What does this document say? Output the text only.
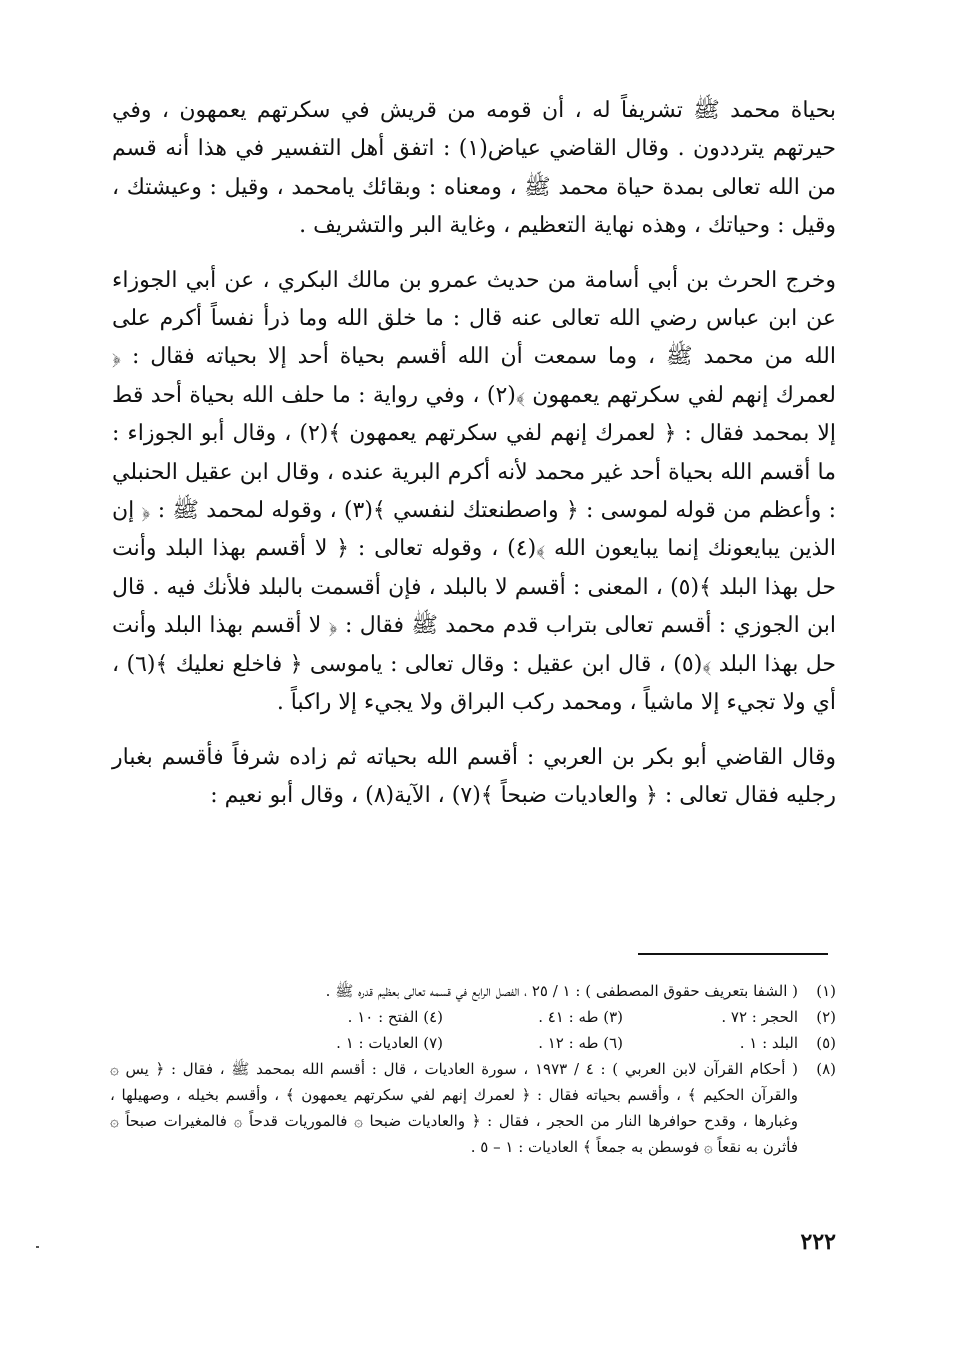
بحياة محمد ﷺ تشريفاً له ، أن قومه من قريش في سكرتهم يعمهون ، وفي حيرتهم يترددون . وقال القاضي عياض(١) : اتفق أهل التفسير في هذا أنه قسم من الله تعالى بمدة حياة محمد ﷺ ، ومعناه : وبقائك يامحمد ، وقيل : وعيشتك ، وقيل : وحياتك ، وهذه نهاية التعظيم ، وغاية البر والتشريف .

وخرج الحرث بن أبي أسامة من حديث عمرو بن مالك البكري ، عن أبي الجوزاء عن ابن عباس رضي الله تعالى عنه قال : ما خلق الله وما ذرأ نفساً أكرم على الله من محمد ﷺ ، وما سمعت أن الله أقسم بحياة أحد إلا بحياته فقال : ﴿ لعمرك إنهم لفي سكرتهم يعمهون ﴾(٢) ، وفي رواية : ما حلف الله بحياة أحد قط إلا بمحمد فقال : ﴿ لعمرك إنهم لفي سكرتهم يعمهون ﴾(٢) ، وقال أبو الجوزاء : ما أقسم الله بحياة أحد غير محمد لأنه أكرم البرية عنده ، وقال ابن عقيل الحنبلي : وأعظم من قوله لموسى : ﴿ واصطنعتك لنفسي ﴾(٣) ، وقوله لمحمد ﷺ : ﴿ إن الذين يبايعونك إنما يبايعون الله ﴾(٤) ، وقوله تعالى : ﴿ لا أقسم بهذا البلد وأنت حل بهذا البلد ﴾(٥) ، المعنى : أقسم لا بالبلد ، فإن أقسمت بالبلد فلأنك فيه . قال ابن الجوزي : أقسم تعالى بتراب قدم محمد ﷺ فقال : ﴿ لا أقسم بهذا البلد وأنت حل بهذا البلد ﴾(٥) ، قال ابن عقيل : وقال تعالى : ياموسى ﴿ فاخلع نعليك ﴾(٦) ، أي ولا تجيء إلا ماشياً ، ومحمد ركب البراق ولا يجيء إلا راكباً .

وقال القاضي أبو بكر بن العربي : أقسم الله بحياته ثم زاده شرفاً فأقسم بغبار رجليه فقال تعالى : ﴿ والعاديات ضبحاً ﴾(٧) ، الآية(٨) ، وقال أبو نعيم :

(١)
( الشفا بتعريف حقوق المصطفى ) : ١ / ٢٥ ، الفصل الرابع في قسمه تعالى بعظيم قدره ﷺ .
(٢)
الحجر : ٧٢ .
(٣) طه : ٤١ .
(٤) الفتح : ١٠ .
(٥)
البلد : ١ .
(٦) طه : ١٢ .
(٧) العاديات : ١ .
(٨)
( أحكام القرآن لابن العربي ) : ٤ / ١٩٧٣ ، سورة العاديات ، قال : أقسم الله بمحمد ﷺ ، فقال : ﴿ يس ۞ والقرآن الحكيم ﴾ ، وأقسم بحياته فقال : ﴿ لعمرك إنهم لفي سكرتهم يعمهون ﴾ ، وأقسم بخيله ، وصهيلها ، وغبارها ، وقدح حوافرها النار من الحجر ، فقال : ﴿ والعاديات ضبحا ۞ فالموريات قدحاً ۞ فالمغيرات صبحاً ۞ فأثرن به نقعاً ۞ فوسطن به جمعاً ﴾ العاديات : ١ – ٥ .
٢٢٢
